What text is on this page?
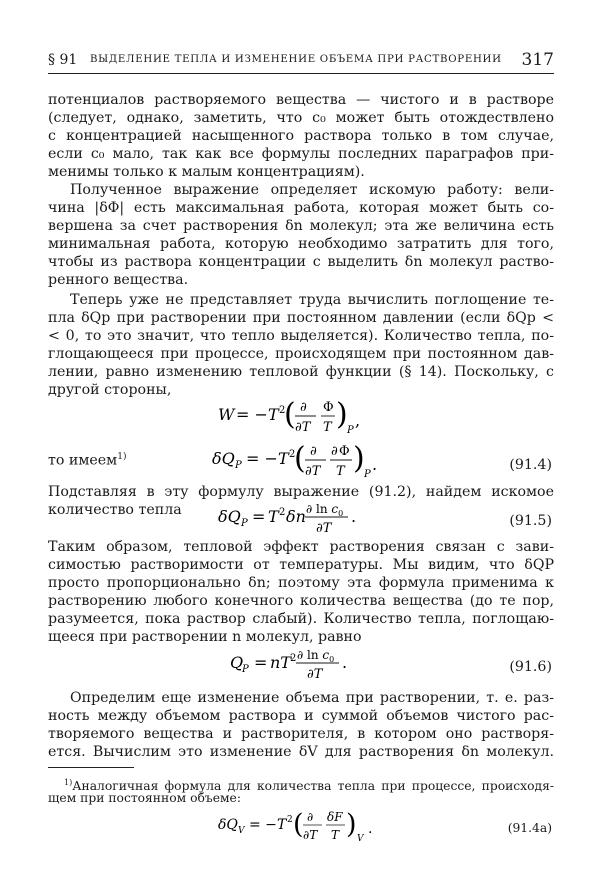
§ 91 ВЫДЕЛЕНИЕ ТЕПЛА И ИЗМЕНЕНИЕ ОБЪЕМА ПРИ РАСТВОРЕНИИ 317

потенциалов растворяемого вещества — чистого и в растворе

(следует, однако, заметить, что c₀ может быть отождествлено

с концентрацией насыщенного раствора только в том случае,

если c₀ мало, так как все формулы последних параграфов при-

менимы только к малым концентрациям).

Полученное выражение определяет искомую работу: вели-

чина |δΦ| есть максимальная работа, которая может быть со-

вершена за счет растворения δn молекул; эта же величина есть

минимальная работа, которую необходимо затратить для того,

чтобы из раствора концентрации c выделить δn молекул раство-

ренного вещества.

Теперь уже не представляет труда вычислить поглощение те-

пла δQp при растворении при постоянном давлении (если δQp <

< 0, то это значит, что тепло выделяется). Количество тепла, по-

глощающееся при процессе, происходящем при постоянном дав-

лении, равно изменению тепловой функции (§ 14). Поскольку, с

другой стороны,

W = − T 2
( ∂
∂T
Φ
T ) P
,
то имеем$^{1)}$	δQ P = − T 2
( ∂
∂T
∂ Φ
T ) P
.	(91.4)

Подставляя в эту формулу выражение (91.2), найдем искомое

количество тепла	δQ P = T 2 δn ∂ $\ln c_0$
∂T
.	(91.5)

Таким образом, тепловой эффект растворения связан с зави-

симостью растворимости от температуры. Мы видим, что δQP

просто пропорционально δn; поэтому эта формула применима к

растворению любого конечного количества вещества (до те пор,

разумеется, пока раствор слабый). Количество тепла, поглощаю-

щееся при растворении n молекул, равно

Q
P = nT 2 ∂ $\ln c_0$
∂T
.	(91.6)

Определим еще изменение объема при растворении, т. е. раз-

ность между объемом раствора и суммой объемов чистого рас-

творяемого вещества и растворителя, в котором оно растворя-

ется. Вычислим это изменение δV для растворения δn молекул.

$^{1)}$Аналогичная формула для количества тепла при процессе, происходя-

щем при постоянном объеме:

δQ V = − T 2 ( ∂
∂T
δF
T ) V
.	(91.4a)
